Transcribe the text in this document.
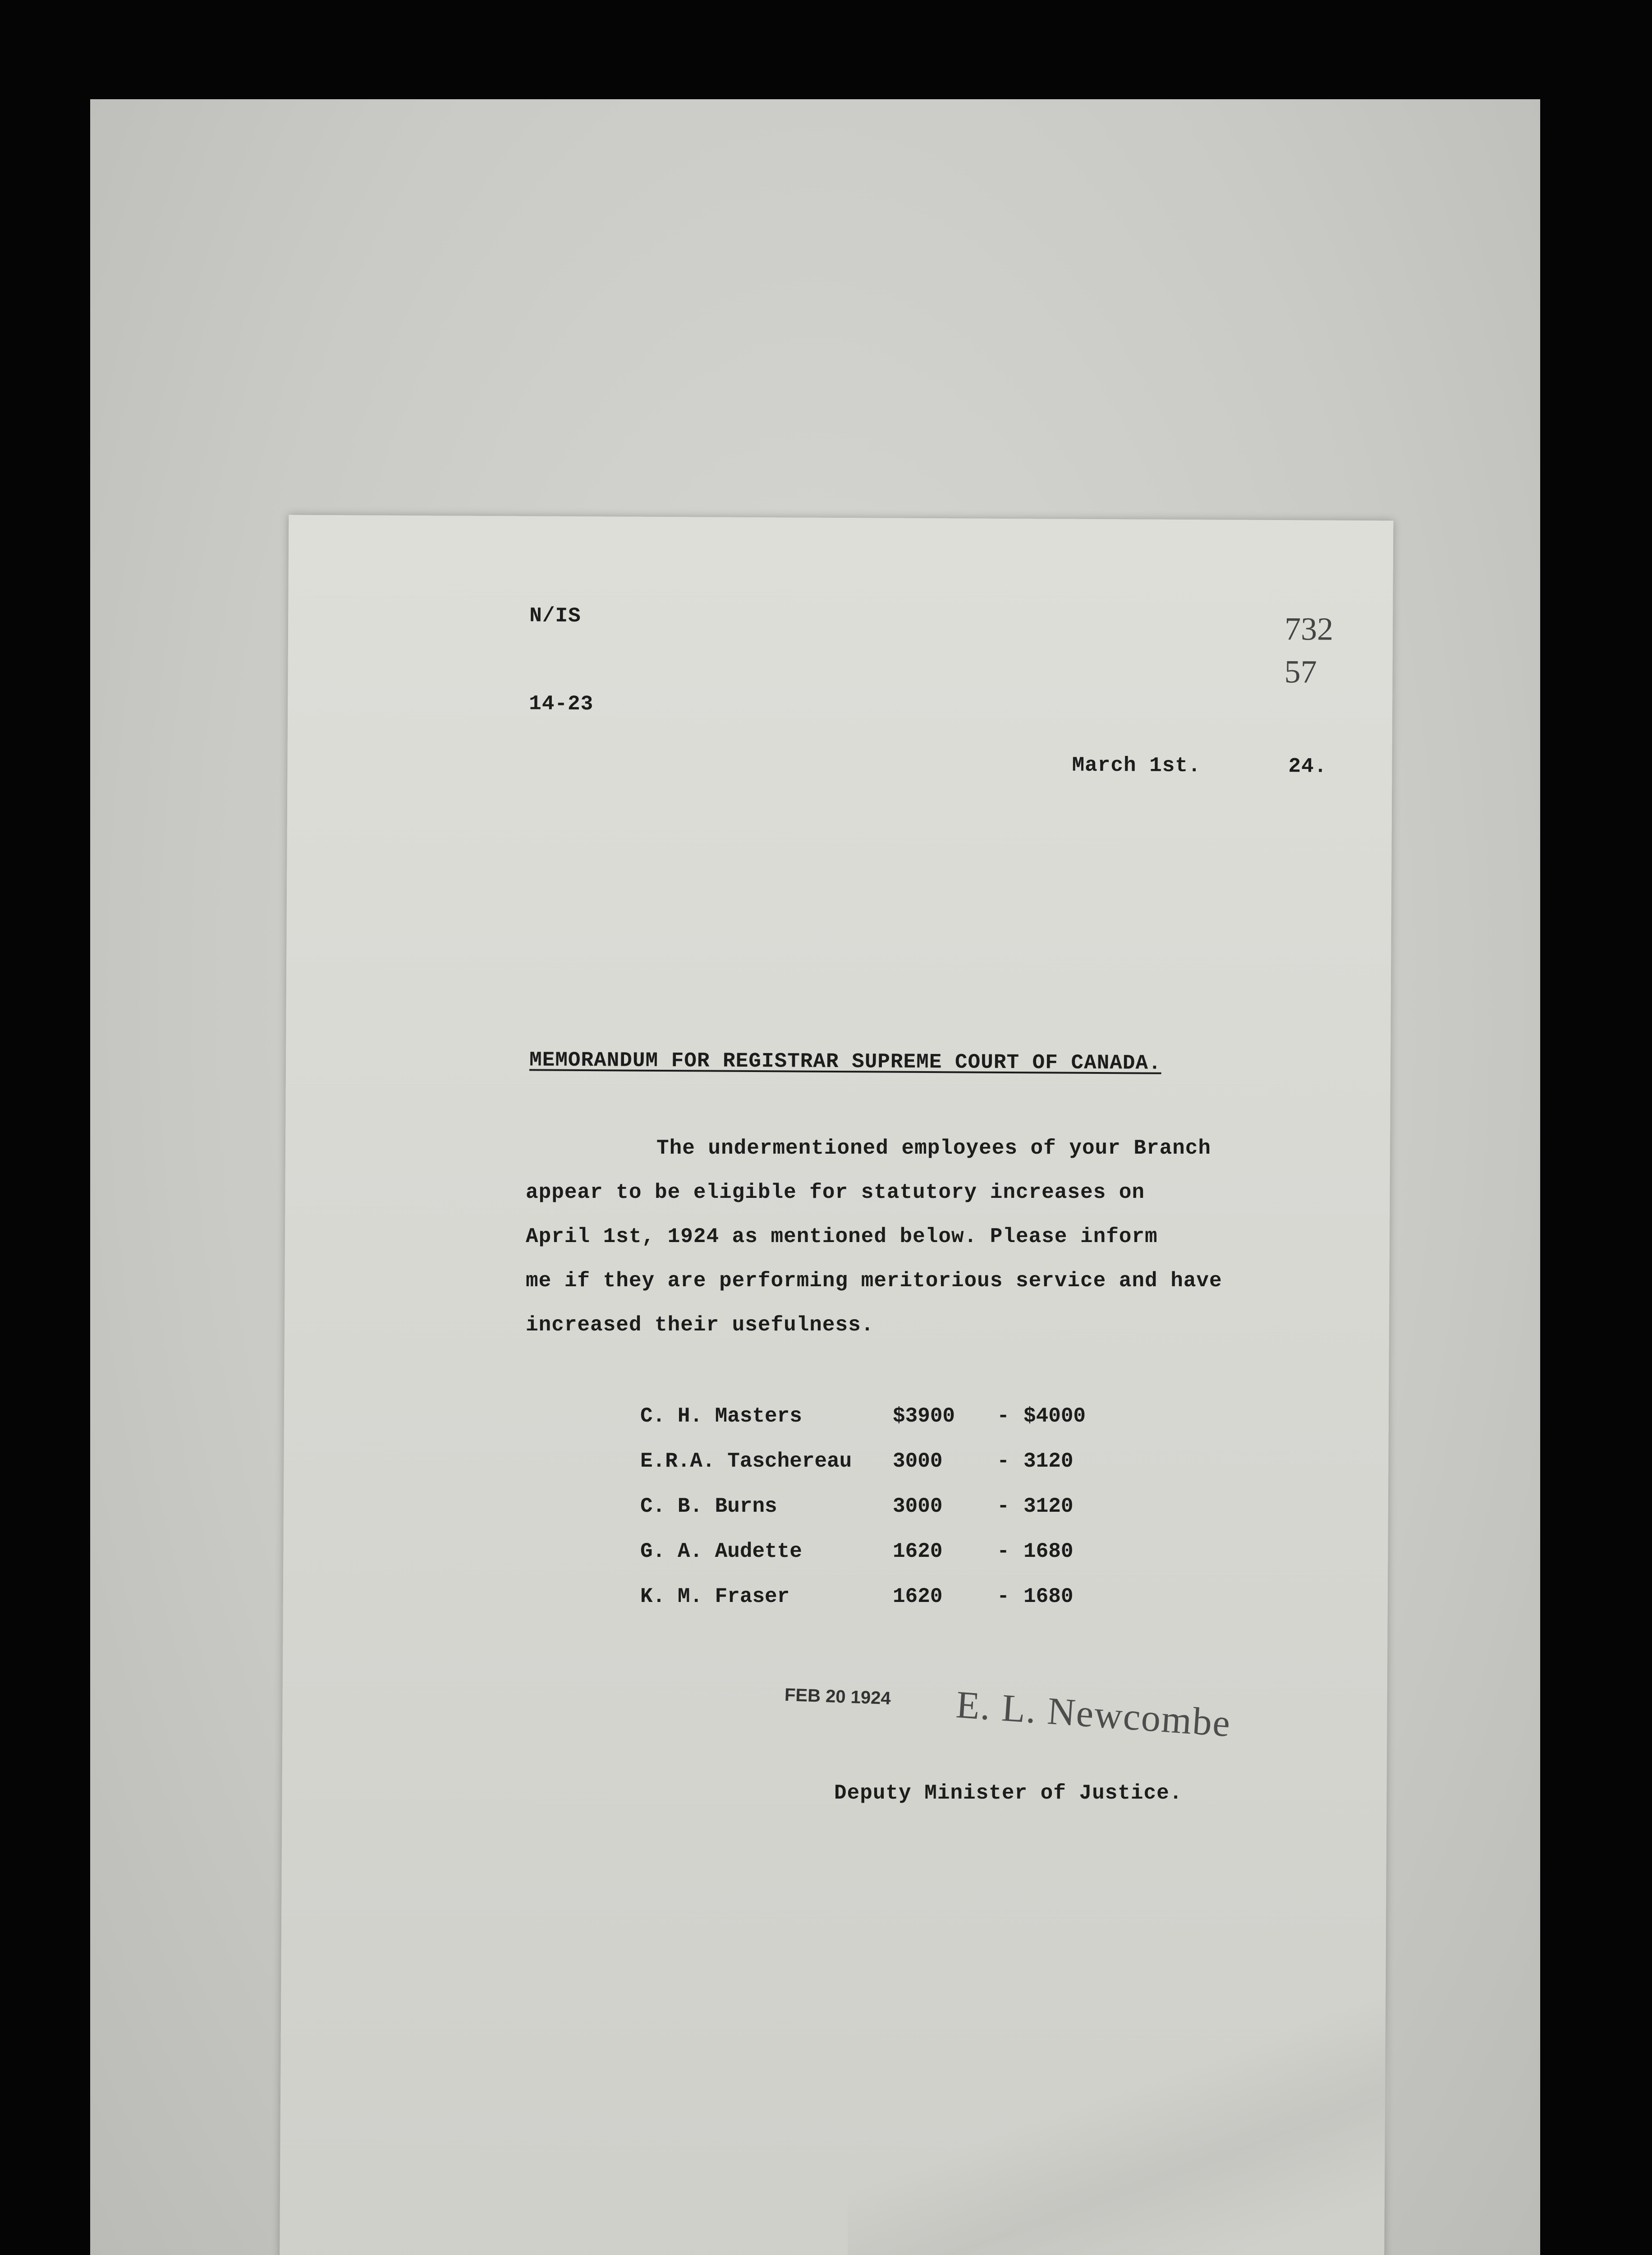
N/IS
14-23
732
57
March 1st.	24.
MEMORANDUM FOR REGISTRAR SUPREME COURT OF CANADA.
The undermentioned employees of your Branch
appear to be eligible for statutory increases on
April 1st, 1924 as mentioned below. Please inform
me if they are performing meritorious service and have
increased their usefulness.
C. H. Masters	$3900	-	$4000
E.R.A. Taschereau	3000	-	3120
C. B. Burns	3000	-	3120
G. A. Audette	1620	-	1680
K. M. Fraser	1620	-	1680
FEB 20 1924 E. L. Newcombe
Deputy Minister of Justice.
